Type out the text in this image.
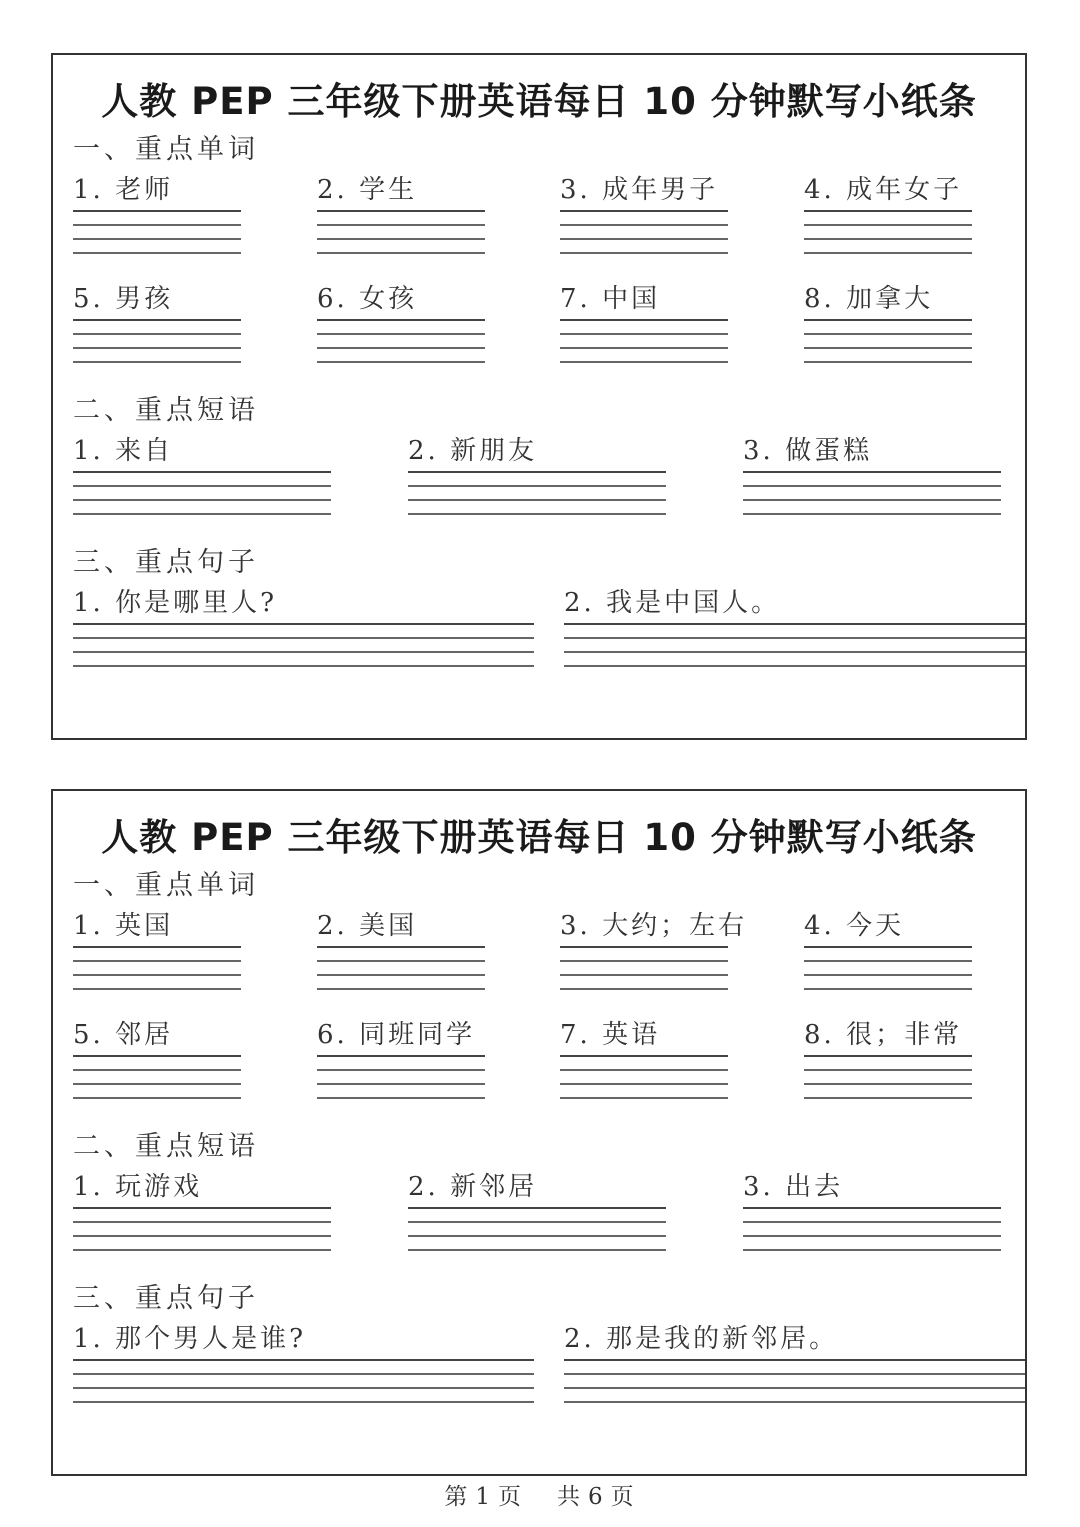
人教 PEP 三年级下册英语每日 10 分钟默写小纸条
一、重点单词
1. 老师	2. 学生	3. 成年男子	4. 成年女子
5. 男孩	6. 女孩	7. 中国	8. 加拿大
二、重点短语
1. 来自	2. 新朋友	3. 做蛋糕
三、重点句子
1. 你是哪里人?	2. 我是中国人。
人教 PEP 三年级下册英语每日 10 分钟默写小纸条
一、重点单词
1. 英国	2. 美国	3. 大约；左右 4. 今天
5. 邻居	6. 同班同学	7. 英语	8. 很；非常
二、重点短语
1. 玩游戏	2. 新邻居	3. 出去
三、重点句子
1. 那个男人是谁?	2. 那是我的新邻居。
第 1 页 共 6 页
